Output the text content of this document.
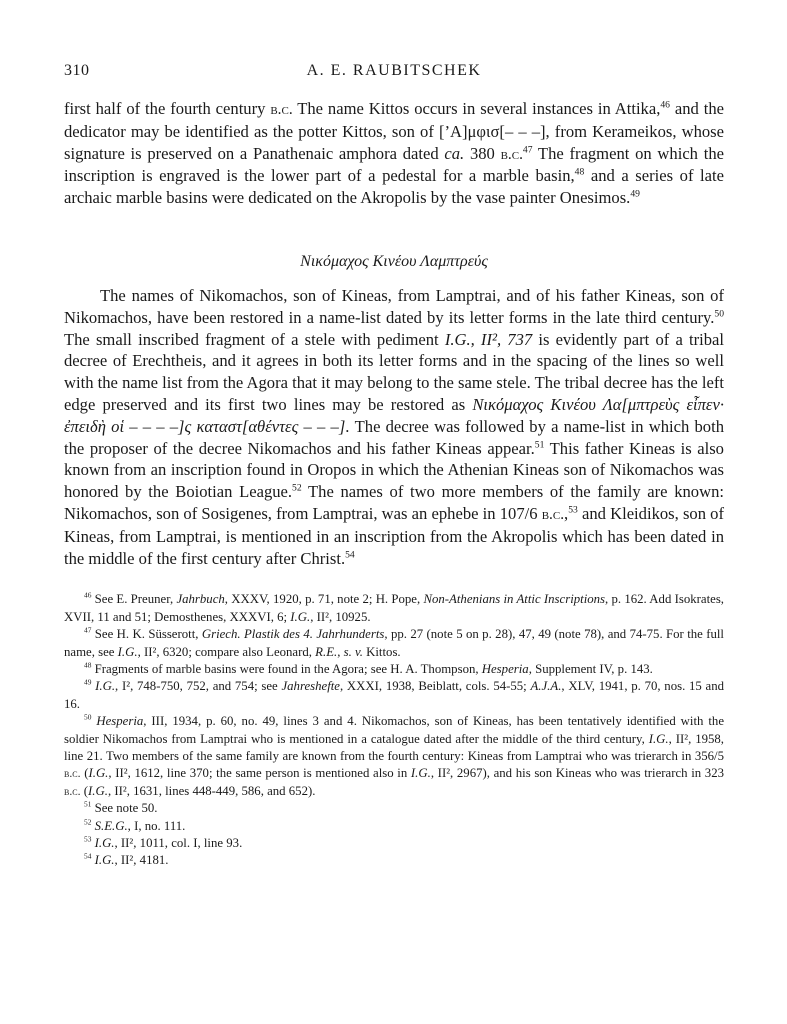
310	A. E. RAUBITSCHEK

first half of the fourth century b.c. The name Kittos occurs in several instances in Attika,$^{46}$ and the dedicator may be identified as the potter Kittos, son of [’Α]μφισ[– – –], from Kerameikos, whose signature is preserved on a Panathenaic amphora dated ca. 380 b.c.$^{47}$ The fragment on which the inscription is engraved is the lower part of a pedestal for a marble basin,$^{48}$ and a series of late archaic marble basins were dedicated on the Akropolis by the vase painter Onesimos.$^{49}$

Νικόμαχος Κινέου Λαμπτρεύς

The names of Nikomachos, son of Kineas, from Lamptrai, and of his father Kineas, son of Nikomachos, have been restored in a name-list dated by its letter forms in the late third century.$^{50}$ The small inscribed fragment of a stele with pediment I.G., II², 737 is evidently part of a tribal decree of Erechtheis, and it agrees in both its letter forms and in the spacing of the lines so well with the name list from the Agora that it may belong to the same stele. The tribal decree has the left edge preserved and its first two lines may be restored as Νικόμαχος Κινέου Λα[μπτρεὺς εἶπεν· ἐπειδὴ οἱ – – – –]ς καταστ[αθέντες – – –]. The decree was followed by a name-list in which both the proposer of the decree Nikomachos and his father Kineas appear.$^{51}$ This father Kineas is also known from an inscription found in Oropos in which the Athenian Kineas son of Nikomachos was honored by the Boiotian League.$^{52}$ The names of two more members of the family are known: Nikomachos, son of Sosigenes, from Lamptrai, was an ephebe in 107/6 b.c.,$^{53}$ and Kleidikos, son of Kineas, from Lamptrai, is mentioned in an inscription from the Akropolis which has been dated in the middle of the first century after Christ.$^{54}$

$^{46}$ See E. Preuner, Jahrbuch, XXXV, 1920, p. 71, note 2; H. Pope, Non-Athenians in Attic Inscriptions, p. 162. Add Isokrates, XVII, 11 and 51; Demosthenes, XXXVI, 6; I.G., II², 10925.
$^{47}$ See H. K. Süsserott, Griech. Plastik des 4. Jahrhunderts, pp. 27 (note 5 on p. 28), 47, 49 (note 78), and 74-75. For the full name, see I.G., II², 6320; compare also Leonard, R.E., s. v. Kittos.
$^{48}$ Fragments of marble basins were found in the Agora; see H. A. Thompson, Hesperia, Supplement IV, p. 143.
$^{49}$ I.G., I², 748-750, 752, and 754; see Jahreshefte, XXXI, 1938, Beiblatt, cols. 54-55; A.J.A., XLV, 1941, p. 70, nos. 15 and 16.
$^{50}$ Hesperia, III, 1934, p. 60, no. 49, lines 3 and 4. Nikomachos, son of Kineas, has been tentatively identified with the soldier Nikomachos from Lamptrai who is mentioned in a catalogue dated after the middle of the third century, I.G., II², 1958, line 21. Two members of the same family are known from the fourth century: Kineas from Lamptrai who was trierarch in 356/5 b.c. (I.G., II², 1612, line 370; the same person is mentioned also in I.G., II², 2967), and his son Kineas who was trierarch in 323 b.c. (I.G., II², 1631, lines 448-449, 586, and 652).
$^{51}$ See note 50.
$^{52}$ S.E.G., I, no. 111.
$^{53}$ I.G., II², 1011, col. I, line 93.
$^{54}$ I.G., II², 4181.
